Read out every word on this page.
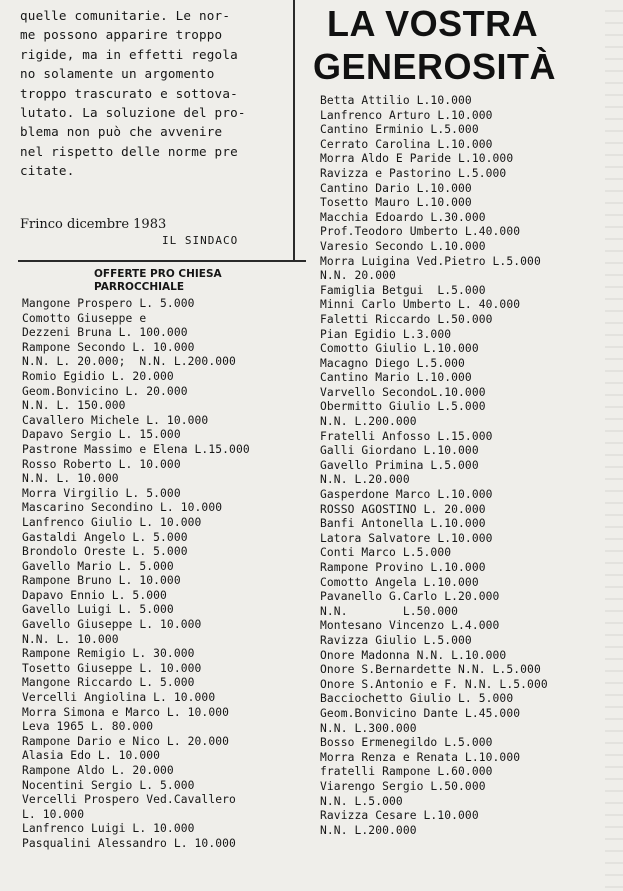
quelle comunitarie. Le nor-
me possono apparire troppo
rigide, ma in effetti regola
no solamente un argomento
troppo trascurato e sottova-
lutato. La soluzione del pro-
blema non può che avvenire
nel rispetto delle norme pre
citate.
Frinco dicembre 1983
IL SINDACO
OFFERTE PRO CHIESA
PARROCCHIALE
Mangone Prospero L. 5.000
Comotto Giuseppe e
Dezzeni Bruna L. 100.000
Rampone Secondo L. 10.000
N.N. L. 20.000;  N.N. L.200.000
Romio Egidio L. 20.000
Geom.Bonvicino L. 20.000
N.N. L. 150.000
Cavallero Michele L. 10.000
Dapavo Sergio L. 15.000
Pastrone Massimo e Elena L.15.000
Rosso Roberto L. 10.000
N.N. L. 10.000
Morra Virgilio L. 5.000
Mascarino Secondino L. 10.000
Lanfrenco Giulio L. 10.000
Gastaldi Angelo L. 5.000
Brondolo Oreste L. 5.000
Gavello Mario L. 5.000
Rampone Bruno L. 10.000
Dapavo Ennio L. 5.000
Gavello Luigi L. 5.000
Gavello Giuseppe L. 10.000
N.N. L. 10.000
Rampone Remigio L. 30.000
Tosetto Giuseppe L. 10.000
Mangone Riccardo L. 5.000
Vercelli Angiolina L. 10.000
Morra Simona e Marco L. 10.000
Leva 1965 L. 80.000
Rampone Dario e Nico L. 20.000
Alasia Edo L. 10.000
Rampone Aldo L. 20.000
Nocentini Sergio L. 5.000
Vercelli Prospero Ved.Cavallero
L. 10.000
Lanfrenco Luigi L. 10.000
Pasqualini Alessandro L. 10.000
LA VOSTRA
GENEROSITÀ
Betta Attilio L.10.000
Lanfrenco Arturo L.10.000
Cantino Erminio L.5.000
Cerrato Carolina L.10.000
Morra Aldo E Paride L.10.000
Ravizza e Pastorino L.5.000
Cantino Dario L.10.000
Tosetto Mauro L.10.000
Macchia Edoardo L.30.000
Prof.Teodoro Umberto L.40.000
Varesio Secondo L.10.000
Morra Luigina Ved.Pietro L.5.000
N.N. 20.000
Famiglia Betgui  L.5.000
Minni Carlo Umberto L. 40.000
Faletti Riccardo L.50.000
Pian Egidio L.3.000
Comotto Giulio L.10.000
Macagno Diego L.5.000
Cantino Mario L.10.000
Varvello SecondoL.10.000
Obermitto Giulio L.5.000
N.N. L.200.000
Fratelli Anfosso L.15.000
Galli Giordano L.10.000
Gavello Primina L.5.000
N.N. L.20.000
Gasperdone Marco L.10.000
ROSSO AGOSTINO L. 20.000
Banfi Antonella L.10.000
Latora Salvatore L.10.000
Conti Marco L.5.000
Rampone Provino L.10.000
Comotto Angela L.10.000
Pavanello G.Carlo L.20.000
N.N.        L.50.000
Montesano Vincenzo L.4.000
Ravizza Giulio L.5.000
Onore Madonna N.N. L.10.000
Onore S.Bernardette N.N. L.5.000
Onore S.Antonio e F. N.N. L.5.000
Bacciochetto Giulio L. 5.000
Geom.Bonvicino Dante L.45.000
N.N. L.300.000
Bosso Ermenegildo L.5.000
Morra Renza e Renata L.10.000
fratelli Rampone L.60.000
Viarengo Sergio L.50.000
N.N. L.5.000
Ravizza Cesare L.10.000
N.N. L.200.000
